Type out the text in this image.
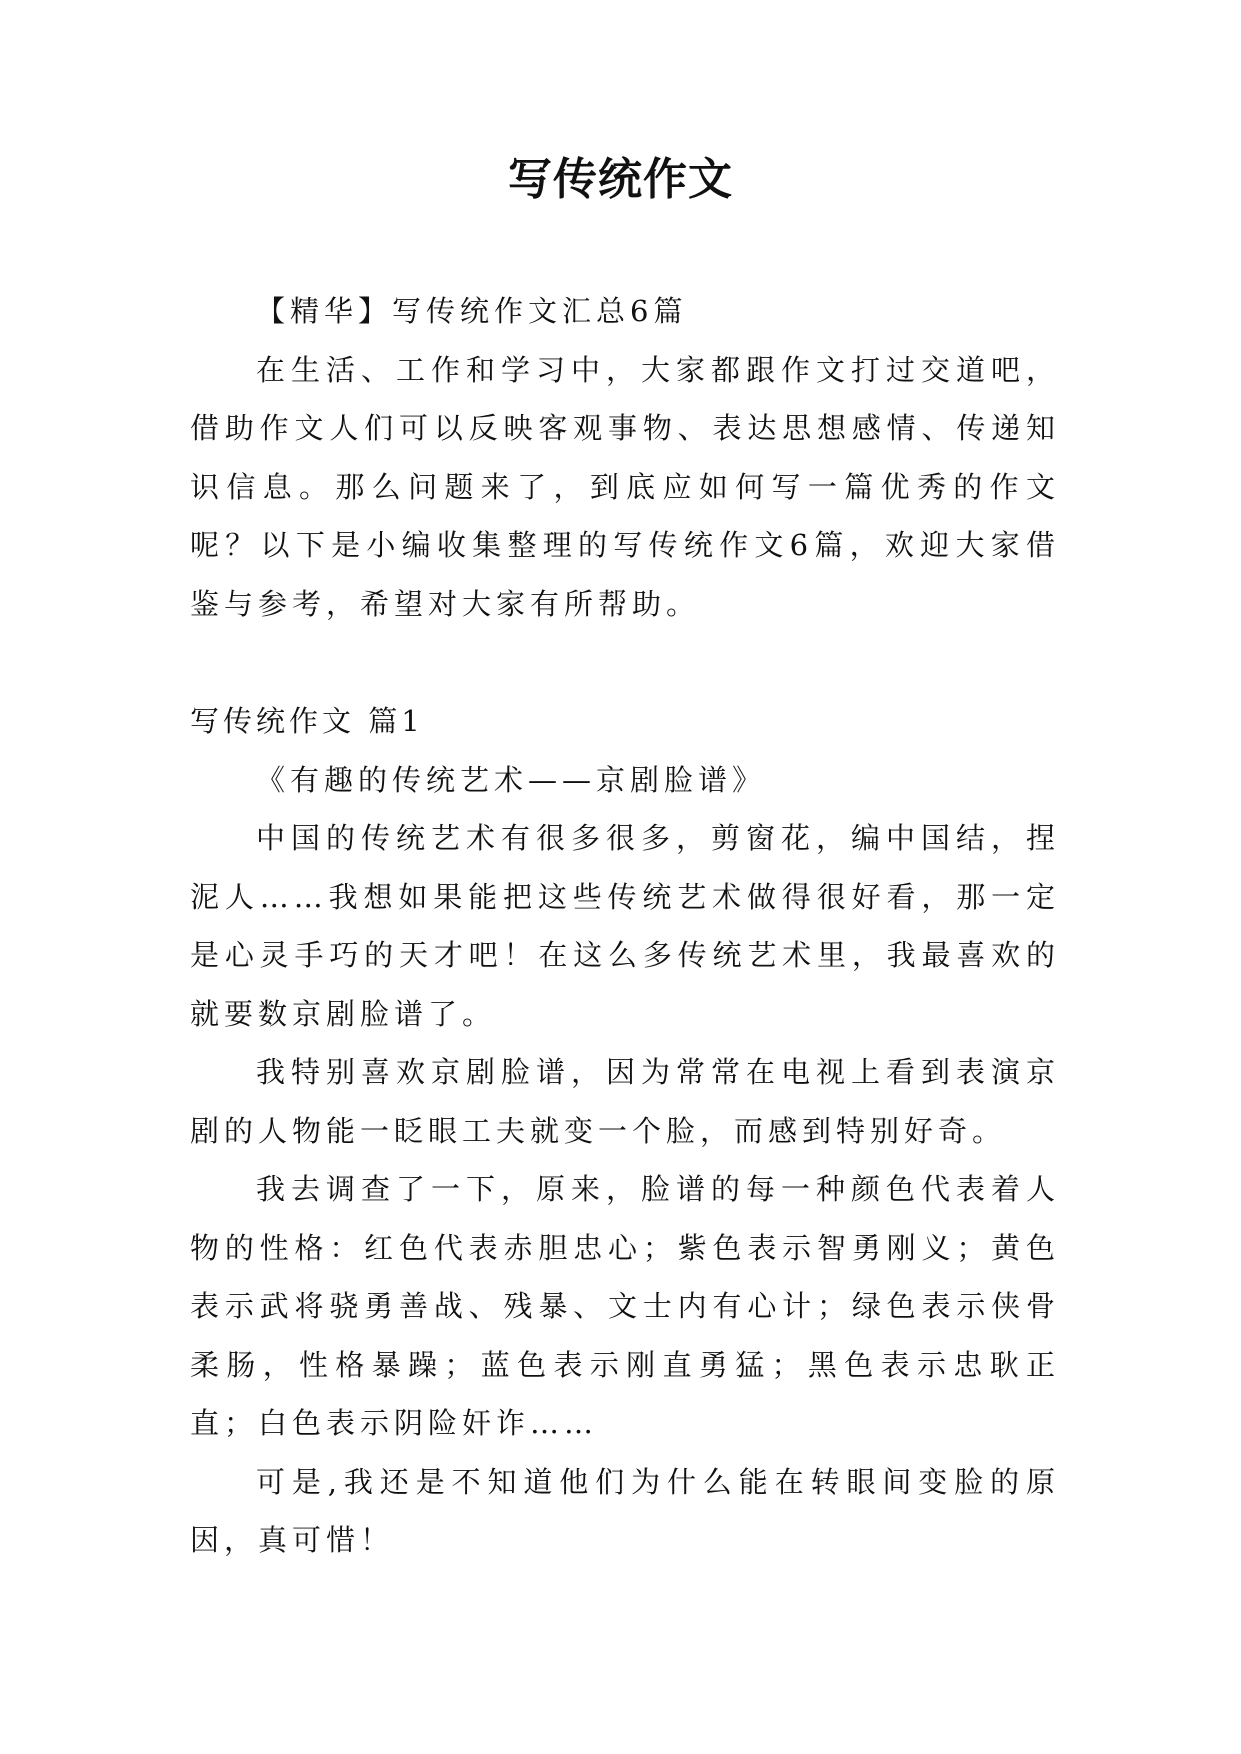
写传统作文

【精华】写传统作文汇总6篇

在生活、工作和学习中，大家都跟作文打过交道吧，借助作文人们可以反映客观事物、表达思想感情、传递知识信息。那么问题来了，到底应如何写一篇优秀的作文呢？以下是小编收集整理的写传统作文6篇，欢迎大家借鉴与参考，希望对大家有所帮助。

写传统作文 篇1

《有趣的传统艺术——京剧脸谱》

中国的传统艺术有很多很多，剪窗花，编中国结，捏泥人……我想如果能把这些传统艺术做得很好看，那一定是心灵手巧的天才吧！在这么多传统艺术里，我最喜欢的就要数京剧脸谱了。

我特别喜欢京剧脸谱，因为常常在电视上看到表演京剧的人物能一眨眼工夫就变一个脸，而感到特别好奇。

我去调查了一下，原来，脸谱的每一种颜色代表着人物的性格：红色代表赤胆忠心；紫色表示智勇刚义；黄色表示武将骁勇善战、残暴、文士内有心计；绿色表示侠骨柔肠，性格暴躁；蓝色表示刚直勇猛；黑色表示忠耿正直；白色表示阴险奸诈……

可是,我还是不知道他们为什么能在转眼间变脸的原因，真可惜！
